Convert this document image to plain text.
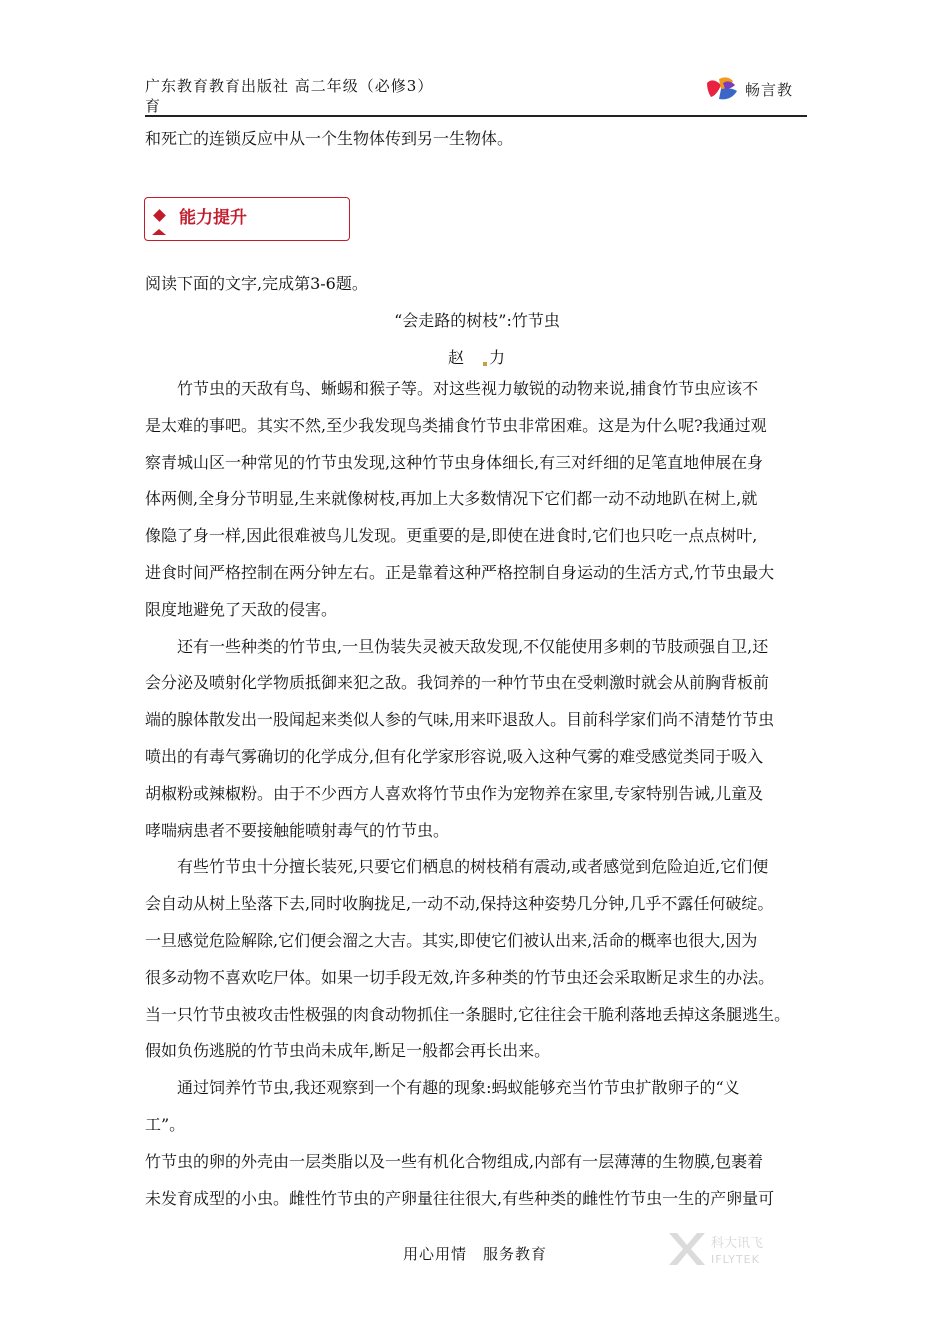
广东教育教育出版社 高二年级（必修3）
育
畅言教
和死亡的连锁反应中从一个生物体传到另一生物体。
能力提升
阅读下面的文字,完成第3-6题。
“会走路的树枝”:竹节虫
赵 力
竹节虫的天敌有鸟、蜥蜴和猴子等。对这些视力敏锐的动物来说,捕食竹节虫应该不
是太难的事吧。其实不然,至少我发现鸟类捕食竹节虫非常困难。这是为什么呢?我通过观
察青城山区一种常见的竹节虫发现,这种竹节虫身体细长,有三对纤细的足笔直地伸展在身
体两侧,全身分节明显,生来就像树枝,再加上大多数情况下它们都一动不动地趴在树上,就
像隐了身一样,因此很难被鸟儿发现。更重要的是,即使在进食时,它们也只吃一点点树叶,
进食时间严格控制在两分钟左右。正是靠着这种严格控制自身运动的生活方式,竹节虫最大
限度地避免了天敌的侵害。
还有一些种类的竹节虫,一旦伪装失灵被天敌发现,不仅能使用多刺的节肢顽强自卫,还
会分泌及喷射化学物质抵御来犯之敌。我饲养的一种竹节虫在受刺激时就会从前胸背板前
端的腺体散发出一股闻起来类似人参的气味,用来吓退敌人。目前科学家们尚不清楚竹节虫
喷出的有毒气雾确切的化学成分,但有化学家形容说,吸入这种气雾的难受感觉类同于吸入
胡椒粉或辣椒粉。由于不少西方人喜欢将竹节虫作为宠物养在家里,专家特别告诫,儿童及
哮喘病患者不要接触能喷射毒气的竹节虫。
有些竹节虫十分擅长装死,只要它们栖息的树枝稍有震动,或者感觉到危险迫近,它们便
会自动从树上坠落下去,同时收胸拢足,一动不动,保持这种姿势几分钟,几乎不露任何破绽。
一旦感觉危险解除,它们便会溜之大吉。其实,即使它们被认出来,活命的概率也很大,因为
很多动物不喜欢吃尸体。如果一切手段无效,许多种类的竹节虫还会采取断足求生的办法。
当一只竹节虫被攻击性极强的肉食动物抓住一条腿时,它往往会干脆利落地丢掉这条腿逃生。
假如负伤逃脱的竹节虫尚未成年,断足一般都会再长出来。
通过饲养竹节虫,我还观察到一个有趣的现象:蚂蚁能够充当竹节虫扩散卵子的“义
工”。
竹节虫的卵的外壳由一层类脂以及一些有机化合物组成,内部有一层薄薄的生物膜,包裹着
未发育成型的小虫。雌性竹节虫的产卵量往往很大,有些种类的雌性竹节虫一生的产卵量可
用心用情　服务教育
科大讯飞
IFLYTEK
